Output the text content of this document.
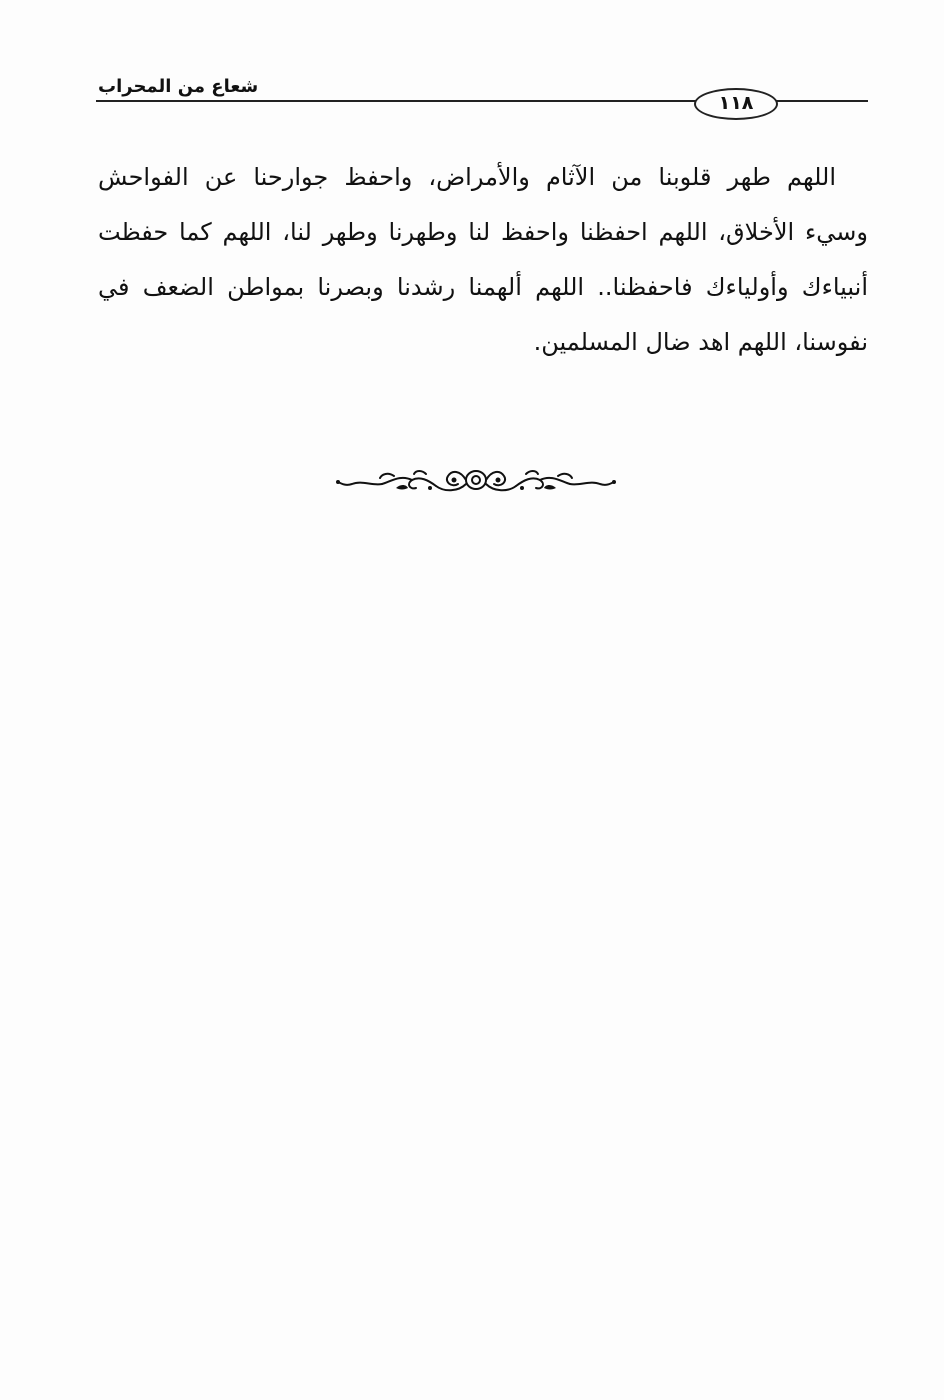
شعاع من المحراب
١١٨
اللهم طهر قلوبنا من الآثام والأمراض، واحفظ جوارحنا عن الفواحش
وسيء الأخلاق، اللهم احفظنا واحفظ لنا وطهرنا وطهر لنا، اللهم كما حفظت
أنبياءك وأولياءك فاحفظنا.. اللهم ألهمنا رشدنا وبصرنا بمواطن الضعف في
نفوسنا، اللهم اهد ضال المسلمين.
